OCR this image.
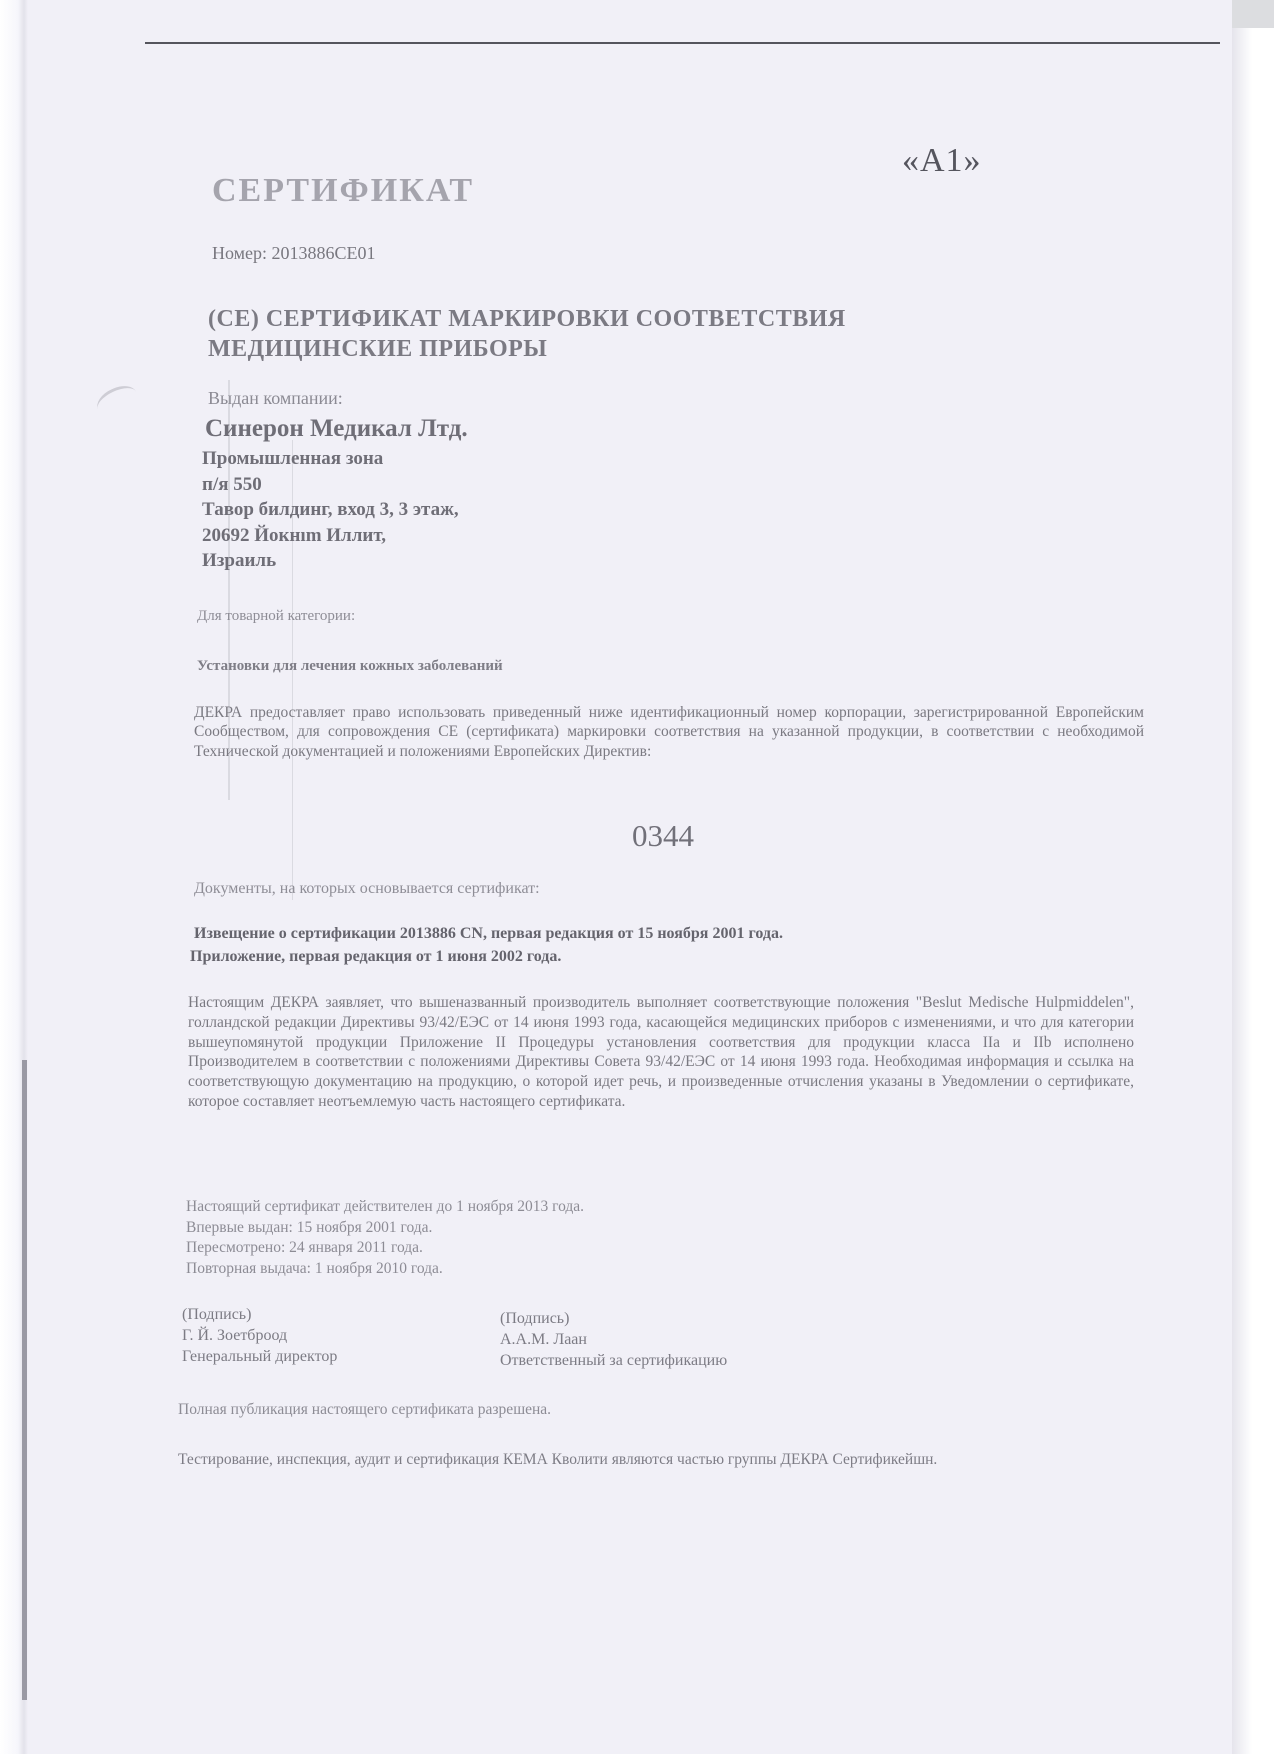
«A1»
СЕРТИФИКАТ
Номер: 2013886CE01
(CE) СЕРТИФИКАТ МАРКИРОВКИ СООТВЕТСТВИЯ
МЕДИЦИНСКИЕ ПРИБОРЫ
Выдан компании:
Синерон Медикал Лтд.
Промышленная зона
п/я 550
Тавор билдинг, вход 3, 3 этаж,
20692 Йокнım Иллит,
Израиль
Для товарной категории:
Установки для лечения кожных заболеваний
ДЕКРА предоставляет право использовать приведенный ниже идентификационный номер корпорации, зарегистрированной Европейским Сообществом, для сопровождения CE (сертификата) маркировки соответствия на указанной продукции, в соответствии с необходимой Технической документацией и положениями Европейских Директив:
0344
Документы, на которых основывается сертификат:
Извещение о сертификации 2013886 CN, первая редакция от 15 ноября 2001 года.
Приложение, первая редакция от 1 июня 2002 года.
Настоящим ДЕКРА заявляет, что вышеназванный производитель выполняет соответствующие положения "Beslut Medische Hulpmiddelen", голландской редакции Директивы 93/42/ЕЭС от 14 июня 1993 года, касающейся медицинских приборов с изменениями, и что для категории вышеупомянутой продукции Приложение II Процедуры установления соответствия для продукции класса IIa и IIb исполнено Производителем в соответствии с положениями Директивы Совета 93/42/ЕЭС от 14 июня 1993 года. Необходимая информация и ссылка на соответствующую документацию на продукцию, о которой идет речь, и произведенные отчисления указаны в Уведомлении о сертификате, которое составляет неотъемлемую часть настоящего сертификата.
Настоящий сертификат действителен до 1 ноября 2013 года.
Впервые выдан: 15 ноября 2001 года.
Пересмотрено: 24 января 2011 года.
Повторная выдача: 1 ноября 2010 года.
(Подпись)
Г. Й. Зоетброод
Генеральный директор
(Подпись)
А.А.М. Лаан
Ответственный за сертификацию
Полная публикация настоящего сертификата разрешена.
Тестирование, инспекция, аудит и сертификация КЕМА Кволити являются частью группы ДЕКРА Сертификейшн.
